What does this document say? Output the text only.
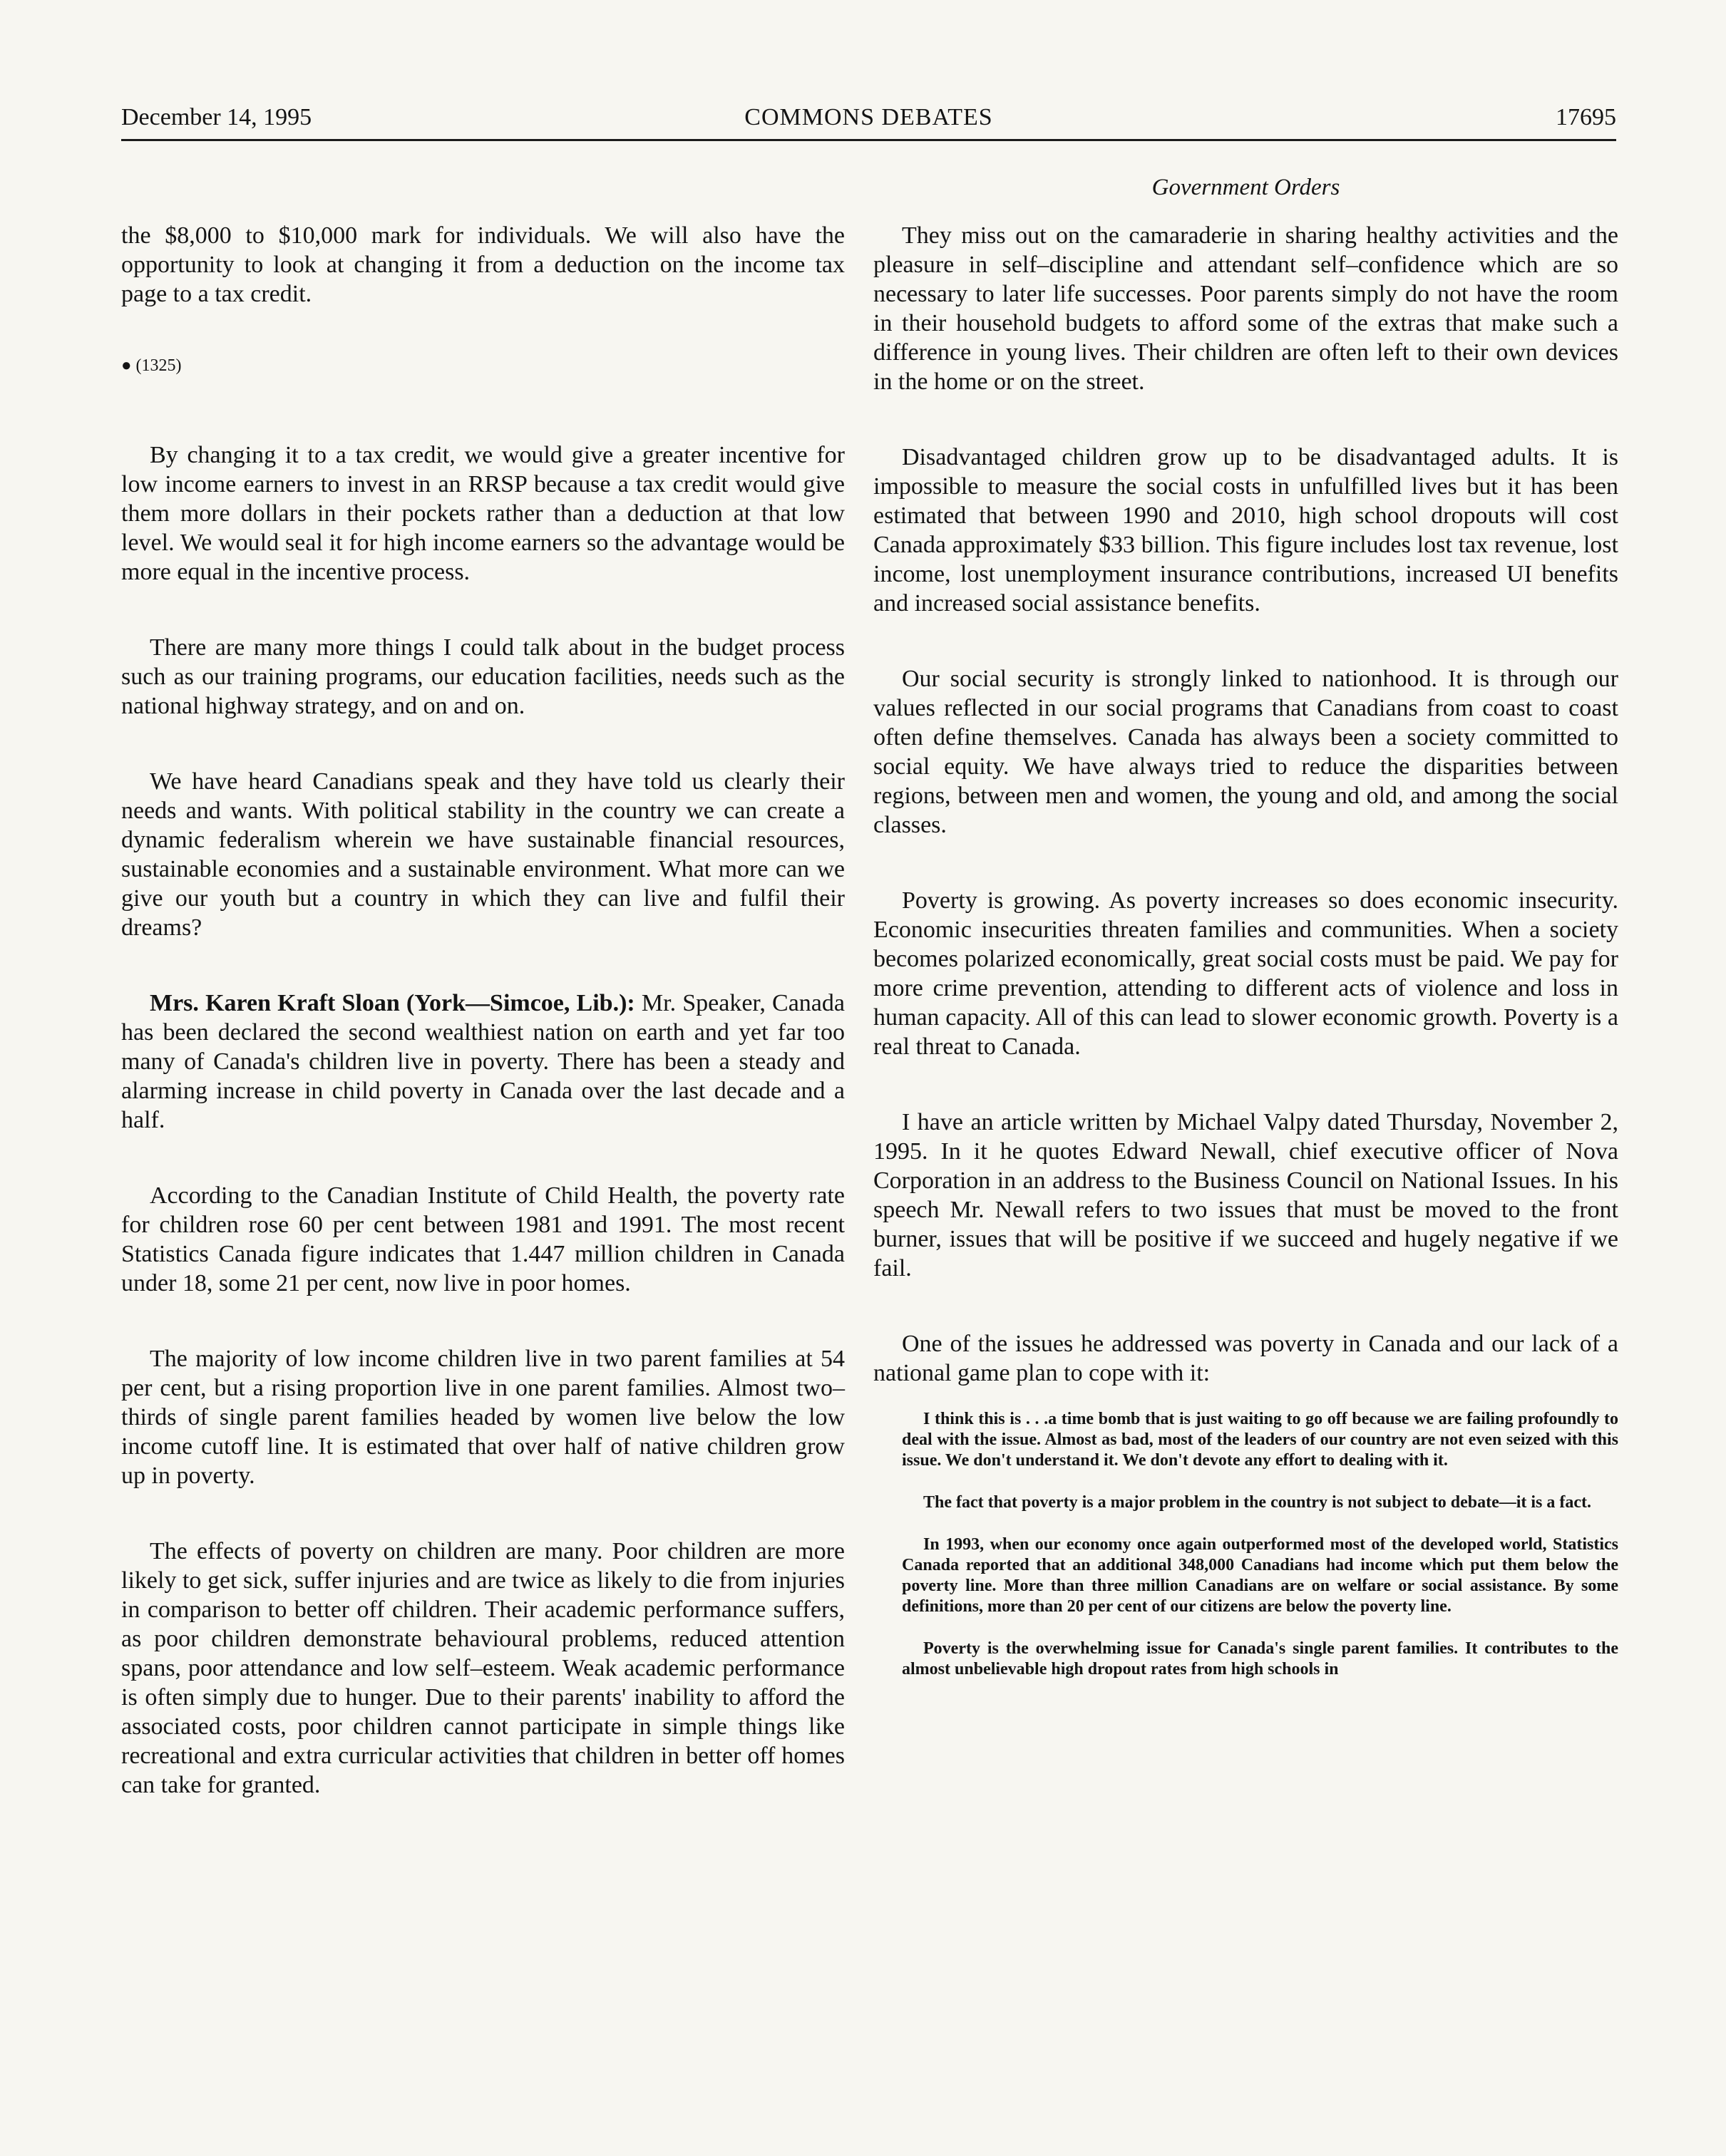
December 14, 1995	COMMONS DEBATES	17695
Government Orders

the $8,000 to $10,000 mark for individuals. We will also have the opportunity to look at changing it from a deduction on the income tax page to a tax credit.

● (1325)

By changing it to a tax credit, we would give a greater incentive for low income earners to invest in an RRSP because a tax credit would give them more dollars in their pockets rather than a deduction at that low level. We would seal it for high income earners so the advantage would be more equal in the incentive process.

There are many more things I could talk about in the budget process such as our training programs, our education facilities, needs such as the national highway strategy, and on and on.

We have heard Canadians speak and they have told us clearly their needs and wants. With political stability in the country we can create a dynamic federalism wherein we have sustainable financial resources, sustainable economies and a sustainable environment. What more can we give our youth but a country in which they can live and fulfil their dreams?

Mrs. Karen Kraft Sloan (York—Simcoe, Lib.): Mr. Speaker, Canada has been declared the second wealthiest nation on earth and yet far too many of Canada's children live in poverty. There has been a steady and alarming increase in child poverty in Canada over the last decade and a half.

According to the Canadian Institute of Child Health, the poverty rate for children rose 60 per cent between 1981 and 1991. The most recent Statistics Canada figure indicates that 1.447 million children in Canada under 18, some 21 per cent, now live in poor homes.

The majority of low income children live in two parent families at 54 per cent, but a rising proportion live in one parent families. Almost two–thirds of single parent families headed by women live below the low income cutoff line. It is estimated that over half of native children grow up in poverty.

The effects of poverty on children are many. Poor children are more likely to get sick, suffer injuries and are twice as likely to die from injuries in comparison to better off children. Their academic performance suffers, as poor children demonstrate behavioural problems, reduced attention spans, poor attendance and low self–esteem. Weak academic performance is often simply due to hunger. Due to their parents' inability to afford the associated costs, poor children cannot participate in simple things like recreational and extra curricular activities that children in better off homes can take for granted.

They miss out on the camaraderie in sharing healthy activities and the pleasure in self–discipline and attendant self–confidence which are so necessary to later life successes. Poor parents simply do not have the room in their household budgets to afford some of the extras that make such a difference in young lives. Their children are often left to their own devices in the home or on the street.

Disadvantaged children grow up to be disadvantaged adults. It is impossible to measure the social costs in unfulfilled lives but it has been estimated that between 1990 and 2010, high school dropouts will cost Canada approximately $33 billion. This figure includes lost tax revenue, lost income, lost unemployment insurance contributions, increased UI benefits and increased social assistance benefits.

Our social security is strongly linked to nationhood. It is through our values reflected in our social programs that Canadians from coast to coast often define themselves. Canada has always been a society committed to social equity. We have always tried to reduce the disparities between regions, between men and women, the young and old, and among the social classes.

Poverty is growing. As poverty increases so does economic insecurity. Economic insecurities threaten families and communities. When a society becomes polarized economically, great social costs must be paid. We pay for more crime prevention, attending to different acts of violence and loss in human capacity. All of this can lead to slower economic growth. Poverty is a real threat to Canada.

I have an article written by Michael Valpy dated Thursday, November 2, 1995. In it he quotes Edward Newall, chief executive officer of Nova Corporation in an address to the Business Council on National Issues. In his speech Mr. Newall refers to two issues that must be moved to the front burner, issues that will be positive if we succeed and hugely negative if we fail.

One of the issues he addressed was poverty in Canada and our lack of a national game plan to cope with it:

I think this is . . .a time bomb that is just waiting to go off because we are failing profoundly to deal with the issue. Almost as bad, most of the leaders of our country are not even seized with this issue. We don't understand it. We don't devote any effort to dealing with it.

The fact that poverty is a major problem in the country is not subject to debate—it is a fact.

In 1993, when our economy once again outperformed most of the developed world, Statistics Canada reported that an additional 348,000 Canadians had income which put them below the poverty line. More than three million Canadians are on welfare or social assistance. By some definitions, more than 20 per cent of our citizens are below the poverty line.

Poverty is the overwhelming issue for Canada's single parent families. It contributes to the almost unbelievable high dropout rates from high schools in
